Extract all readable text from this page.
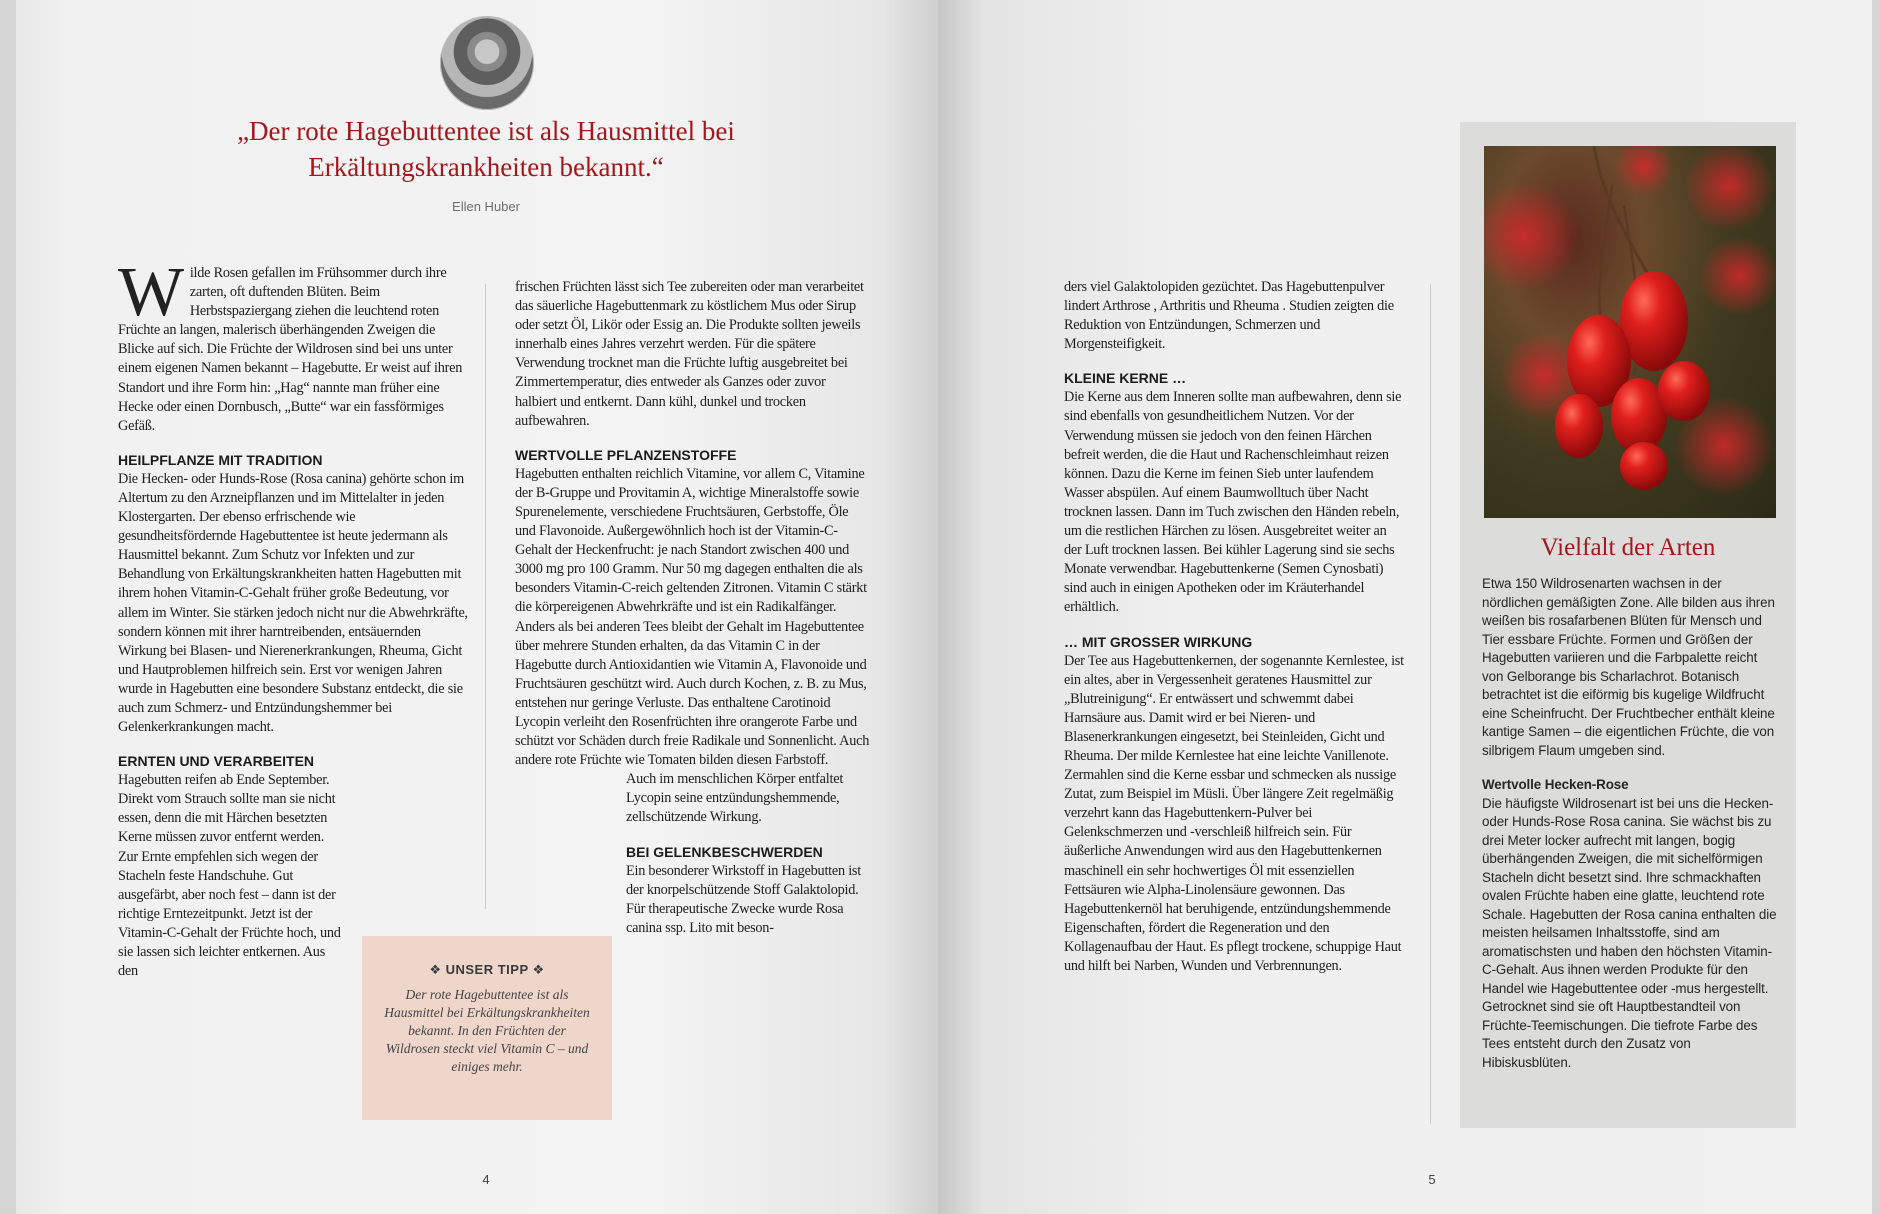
„Der rote Hagebuttentee ist als Hausmittel bei Erkältungskrankheiten bekannt.“
Ellen Huber

Wilde Rosen gefallen im Frühsommer durch ihre zarten, oft duftenden Blüten. Beim Herbstspaziergang ziehen die leuchtend roten Früchte an langen, malerisch überhängenden Zweigen die Blicke auf sich. Die Früchte der Wildrosen sind bei uns unter einem eigenen Namen bekannt – Hagebutte. Er weist auf ihren Standort und ihre Form hin: „Hag“ nannte man früher eine Hecke oder einen Dornbusch, „Butte“ war ein fassförmiges Gefäß.

HEILPFLANZE MIT TRADITION

Die Hecken- oder Hunds-Rose (Rosa canina) gehörte schon im Altertum zu den Arzneipflanzen und im Mittelalter in jeden Klostergarten. Der ebenso erfrischende wie gesundheitsfördernde Hagebuttentee ist heute jedermann als Hausmittel bekannt. Zum Schutz vor Infekten und zur Behandlung von Erkältungskrankheiten hatten Hagebutten mit ihrem hohen Vitamin-C-Gehalt früher große Bedeutung, vor allem im Winter. Sie stärken jedoch nicht nur die Abwehrkräfte, sondern können mit ihrer harntreibenden, entsäuernden Wirkung bei Blasen- und Nierenerkrankungen, Rheuma, Gicht und Hautproblemen hilfreich sein. Erst vor wenigen Jahren wurde in Hagebutten eine besondere Substanz entdeckt, die sie auch zum Schmerz- und Entzündungshemmer bei Gelenkerkrankungen macht.

ERNTEN UND VERARBEITEN

Hagebutten reifen ab Ende September. Direkt vom Strauch sollte man sie nicht essen, denn die mit Härchen besetzten Kerne müssen zuvor entfernt werden. Zur Ernte empfehlen sich wegen der Stacheln feste Handschuhe. Gut ausgefärbt, aber noch fest – dann ist der richtige Erntezeitpunkt. Jetzt ist der Vitamin-C-Gehalt der Früchte hoch, und sie lassen sich leichter entkernen. Aus den

frischen Früchten lässt sich Tee zubereiten oder man verarbeitet das säuerliche Hagebuttenmark zu köstlichem Mus oder Sirup oder setzt Öl, Likör oder Essig an. Die Produkte sollten jeweils innerhalb eines Jahres verzehrt werden. Für die spätere Verwendung trocknet man die Früchte luftig ausgebreitet bei Zimmertemperatur, dies entweder als Ganzes oder zuvor halbiert und entkernt. Dann kühl, dunkel und trocken aufbewahren.

WERTVOLLE PFLANZENSTOFFE

Hagebutten enthalten reichlich Vitamine, vor allem C, Vitamine der B-Gruppe und Provitamin A, wichtige Mineralstoffe sowie Spurenelemente, verschiedene Fruchtsäuren, Gerbstoffe, Öle und Flavonoide. Außergewöhnlich hoch ist der Vitamin-C-Gehalt der Heckenfrucht: je nach Standort zwischen 400 und 3000 mg pro 100 Gramm. Nur 50 mg dagegen enthalten die als besonders Vitamin-C-reich geltenden Zitronen. Vitamin C stärkt die körpereigenen Abwehrkräfte und ist ein Radikalfänger. Anders als bei anderen Tees bleibt der Gehalt im Hagebuttentee über mehrere Stunden erhalten, da das Vitamin C in der Hagebutte durch Antioxidantien wie Vitamin A, Flavonoide und Fruchtsäuren geschützt wird. Auch durch Kochen, z. B. zu Mus, entstehen nur geringe Verluste. Das enthaltene Carotinoid Lycopin verleiht den Rosenfrüchten ihre orangerote Farbe und schützt vor Schäden durch freie Radikale und Sonnenlicht. Auch andere rote Früchte wie Tomaten bilden diesen Farbstoff.

Auch im menschlichen Körper entfaltet Lycopin seine entzündungshemmende, zellschützende Wirkung.

BEI GELENKBESCHWERDEN

Ein besonderer Wirkstoff in Hagebutten ist der knorpelschützende Stoff Galaktolopid. Für therapeutische Zwecke wurde Rosa canina ssp. Lito mit beson-

❖ UNSER TIPP ❖
Der rote Hagebuttentee ist als Hausmittel bei Erkältungskrankheiten bekannt. In den Früchten der Wildrosen steckt viel Vitamin C – und einiges mehr.
4

ders viel Galaktolopiden gezüchtet. Das Hagebuttenpulver lindert Arthrose , Arthritis und Rheuma . Studien zeigten die Reduktion von Entzündungen, Schmerzen und Morgensteifigkeit.

KLEINE KERNE …

Die Kerne aus dem Inneren sollte man aufbewahren, denn sie sind ebenfalls von gesundheitlichem Nutzen. Vor der Verwendung müssen sie jedoch von den feinen Härchen befreit werden, die die Haut und Rachenschleimhaut reizen können. Dazu die Kerne im feinen Sieb unter laufendem Wasser abspülen. Auf einem Baumwolltuch über Nacht trocknen lassen. Dann im Tuch zwischen den Händen rebeln, um die restlichen Härchen zu lösen. Ausgebreitet weiter an der Luft trocknen lassen. Bei kühler Lagerung sind sie sechs Monate verwendbar. Hagebuttenkerne (Semen Cynosbati) sind auch in einigen Apotheken oder im Kräuterhandel erhältlich.

… MIT GROSSER WIRKUNG

Der Tee aus Hagebuttenkernen, der sogenannte Kernlestee, ist ein altes, aber in Vergessenheit geratenes Hausmittel zur „Blutreinigung“. Er entwässert und schwemmt dabei Harnsäure aus. Damit wird er bei Nieren- und Blasenerkrankungen eingesetzt, bei Steinleiden, Gicht und Rheuma. Der milde Kernlestee hat eine leichte Vanillenote. Zermahlen sind die Kerne essbar und schmecken als nussige Zutat, zum Beispiel im Müsli. Über längere Zeit regelmäßig verzehrt kann das Hagebuttenkern-Pulver bei Gelenkschmerzen und -verschleiß hilfreich sein. Für äußerliche Anwendungen wird aus den Hagebuttenkernen maschinell ein sehr hochwertiges Öl mit essenziellen Fettsäuren wie Alpha-Linolensäure gewonnen. Das Hagebuttenkernöl hat beruhigende, entzündungshemmende Eigenschaften, fördert die Regeneration und den Kollagenaufbau der Haut. Es pflegt trockene, schuppige Haut und hilft bei Narben, Wunden und Verbrennungen.

Vielfalt der Arten

Etwa 150 Wildrosenarten wachsen in der nördlichen gemäßigten Zone. Alle bilden aus ihren weißen bis rosafarbenen Blüten für Mensch und Tier essbare Früchte. Formen und Größen der Hagebutten variieren und die Farbpalette reicht von Gelborange bis Scharlachrot. Botanisch betrachtet ist die eiförmig bis kugelige Wildfrucht eine Scheinfrucht. Der Fruchtbecher enthält kleine kantige Samen – die eigentlichen Früchte, die von silbrigem Flaum umgeben sind.

Wertvolle Hecken-Rose

Die häufigste Wildrosenart ist bei uns die Hecken- oder Hunds-Rose Rosa canina. Sie wächst bis zu drei Meter locker aufrecht mit langen, bogig überhängenden Zweigen, die mit sichelförmigen Stacheln dicht besetzt sind. Ihre schmackhaften ovalen Früchte haben eine glatte, leuchtend rote Schale. Hagebutten der Rosa canina enthalten die meisten heilsamen Inhaltsstoffe, sind am aromatischsten und haben den höchsten Vitamin-C-Gehalt. Aus ihnen werden Produkte für den Handel wie Hagebuttentee oder -mus hergestellt. Getrocknet sind sie oft Hauptbestandteil von Früchte-Teemischungen. Die tiefrote Farbe des Tees entsteht durch den Zusatz von Hibiskusblüten.

5
